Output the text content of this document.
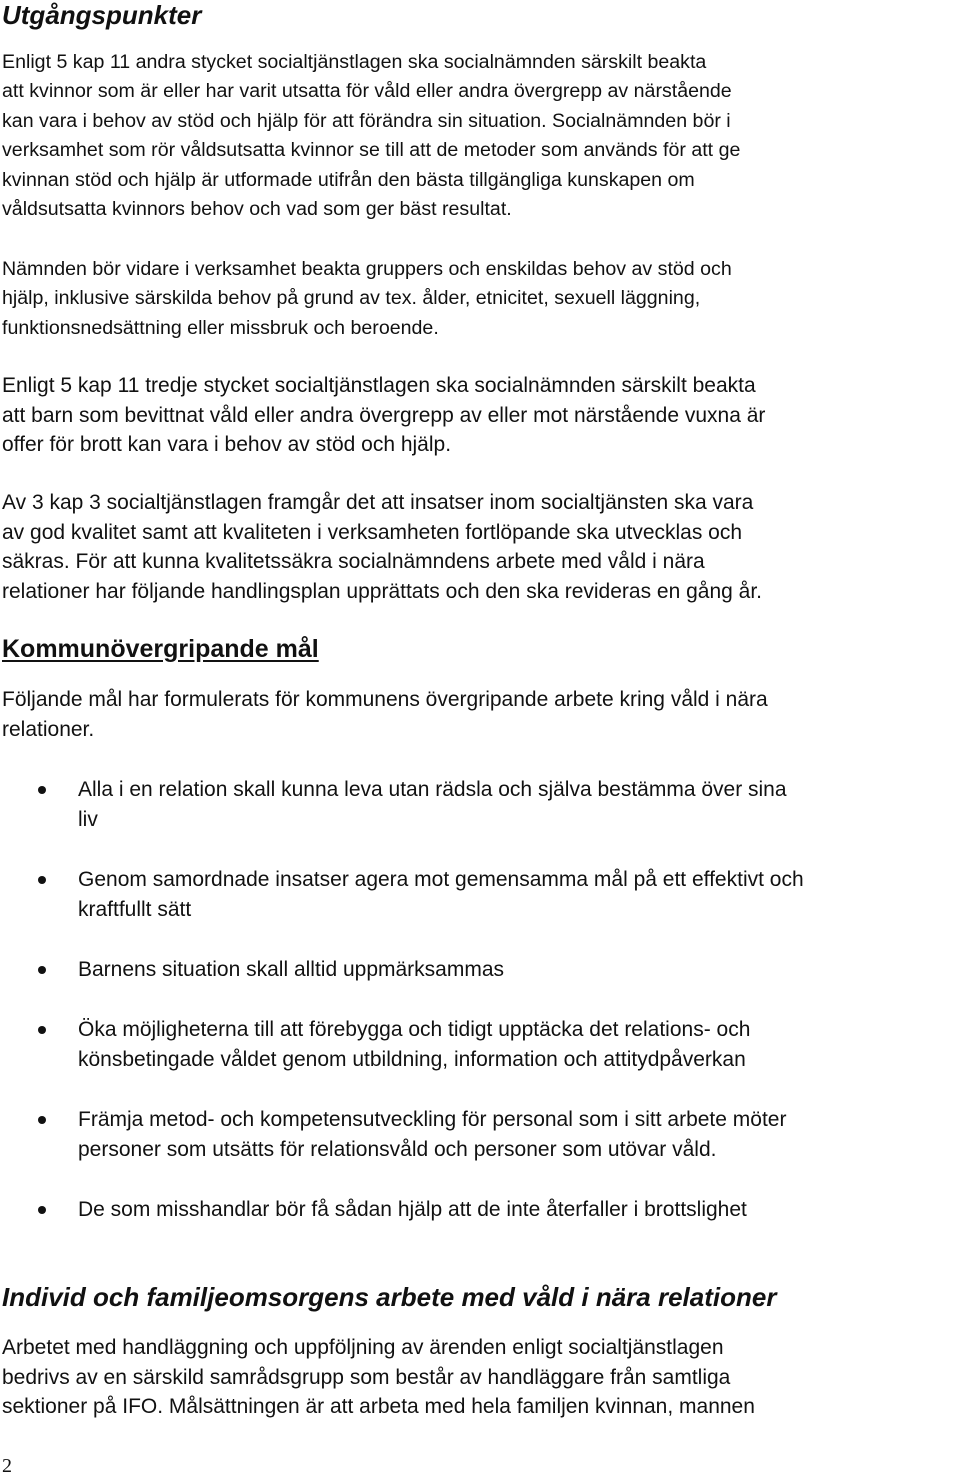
Utgångspunkter
Enligt 5 kap 11 andra stycket socialtjänstlagen ska socialnämnden särskilt beakta
att kvinnor som är eller har varit utsatta för våld eller andra övergrepp av närstående
kan vara i behov av stöd och hjälp för att förändra sin situation. Socialnämnden bör i
verksamhet som rör våldsutsatta kvinnor se till att de metoder som används för att ge
kvinnan stöd och hjälp är utformade utifrån den bästa tillgängliga kunskapen om
våldsutsatta kvinnors behov och vad som ger bäst resultat.
Nämnden bör vidare i verksamhet beakta gruppers och enskildas behov av stöd och
hjälp, inklusive särskilda behov på grund av tex. ålder, etnicitet, sexuell läggning,
funktionsnedsättning eller missbruk och beroende.
Enligt 5 kap 11 tredje stycket socialtjänstlagen ska socialnämnden särskilt beakta
att barn som bevittnat våld eller andra övergrepp av eller mot närstående vuxna är
offer för brott kan vara i behov av stöd och hjälp.
Av 3 kap 3 socialtjänstlagen framgår det att insatser inom socialtjänsten ska vara
av god kvalitet samt att kvaliteten i verksamheten fortlöpande ska utvecklas och
säkras. För att kunna kvalitetssäkra socialnämndens arbete med våld i nära
relationer har följande handlingsplan upprättats och den ska revideras en gång år.
Kommunövergripande mål
Följande mål har formulerats för kommunens övergripande arbete kring våld i nära
relationer.
Alla i en relation skall kunna leva utan rädsla och själva bestämma över sina
liv
Genom samordnade insatser agera mot gemensamma mål på ett effektivt och
kraftfullt sätt
Barnens situation skall alltid uppmärksammas
Öka möjligheterna till att förebygga och tidigt upptäcka det relations- och
könsbetingade våldet genom utbildning, information och attitydpåverkan
Främja metod- och kompetensutveckling för personal som i sitt arbete möter
personer som utsätts för relationsvåld och personer som utövar våld.
De som misshandlar bör få sådan hjälp att de inte återfaller i brottslighet
Individ och familjeomsorgens arbete med våld i nära relationer
Arbetet med handläggning och uppföljning av ärenden enligt socialtjänstlagen
bedrivs av en särskild samrådsgrupp som består av handläggare från samtliga
sektioner på IFO. Målsättningen är att arbeta med hela familjen kvinnan, mannen
2
